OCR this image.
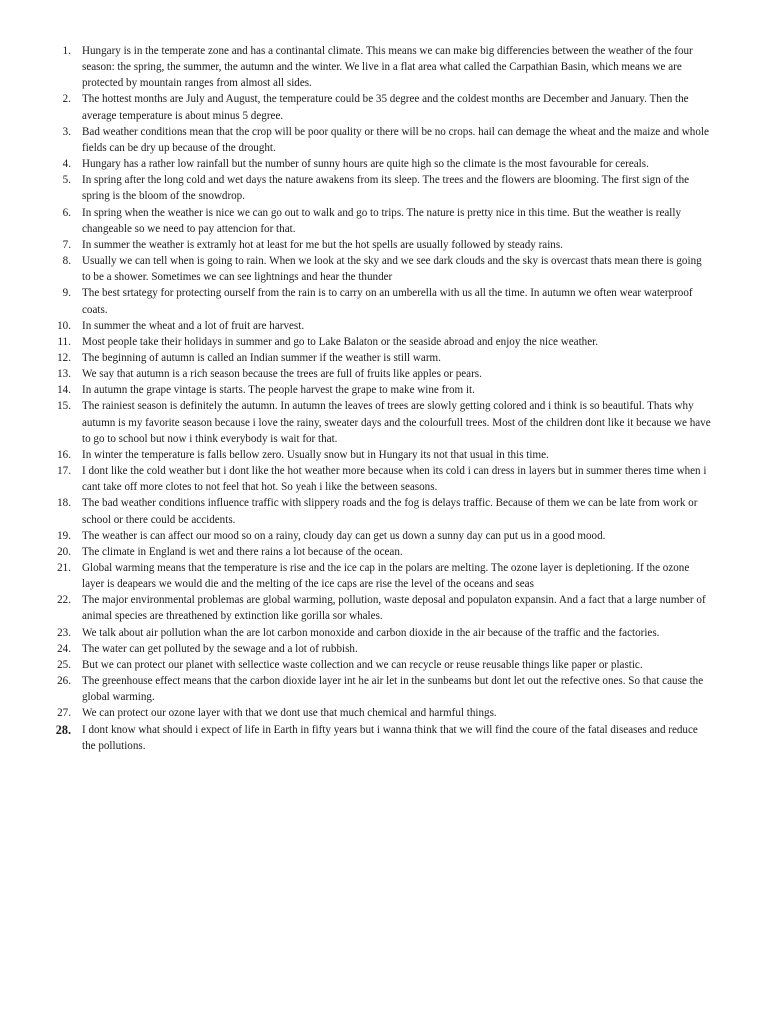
1. Hungary is in the temperate zone and has a continantal climate. This means we can make big differencies between the weather of the four season: the spring, the summer, the autumn and the winter. We live in a flat area what called the Carpathian Basin, which means we are protected by mountain ranges from almost all sides.
2. The hottest months are July and August, the temperature could be 35 degree and the coldest months are December and January. Then the average temperature is about minus 5 degree.
3. Bad weather conditions mean that the crop will be poor quality or there will be no crops. hail can demage the wheat and the maize and whole fields can be dry up because of the drought.
4. Hungary has a rather low rainfall but the number of sunny hours are quite high so the climate is the most favourable for cereals.
5. In spring after the long cold and wet days the nature awakens from its sleep. The trees and the flowers are blooming. The first sign of the spring is the bloom of the snowdrop.
6. In spring when the weather is nice we can go out to walk and go to trips. The nature is pretty nice in this time. But the weather is really changeable so we need to pay attencion for that.
7. In summer the weather is extramly hot at least for me but the hot spells are usually followed by steady rains.
8. Usually we can tell when is going to rain. When we look at the sky and we see dark clouds and the sky is overcast thats mean there is going to be a shower. Sometimes we can see lightnings and hear the thunder
9. The best srtategy for protecting ourself from the rain is to carry on an umberella with us all the time. In autumn we often wear waterproof coats.
10. In summer the wheat and a lot of fruit are harvest.
11. Most people take their holidays in summer and go to Lake Balaton or the seaside abroad and enjoy the nice weather.
12. The beginning of autumn is called an Indian summer if the weather is still warm.
13. We say that autumn is a rich season because the trees are full of fruits like apples or pears.
14. In autumn the grape vintage is starts. The people harvest the grape to make wine from it.
15. The rainiest season is definitely the autumn. In autumn the leaves of trees are slowly getting colored and i think is so beautiful. Thats why autumn is my favorite season because i love the rainy, sweater days and the colourfull trees. Most of the children dont like it because we have to go to school but now i think everybody is wait for that.
16. In winter the temperature is falls bellow zero. Usually snow but in Hungary its not that usual in this time.
17. I dont like the cold weather but i dont like the hot weather more because when its cold i can dress in layers but in summer theres time when i cant take off more clotes to not feel that hot. So yeah i like the between seasons.
18. The bad weather conditions influence traffic with slippery roads and the fog is delays traffic. Because of them we can be late from work or school or there could be accidents.
19. The weather is can affect our mood so on a rainy, cloudy day can get us down a sunny day can put us in a good mood.
20. The climate in England is wet and there rains a lot because of the ocean.
21. Global warming means that the temperature is rise and the ice cap in the polars are melting. The ozone layer is depletioning. If the ozone layer is deapears we would die and the melting of the ice caps are rise the level of the oceans and seas
22. The major environmental problemas are global warming, pollution, waste deposal and populaton expansin. And a fact that a large number of animal species are threathened by extinction like gorilla sor whales.
23. We talk about air pollution whan the are lot carbon monoxide and carbon dioxide in the air because of the traffic and the factories.
24. The water can get polluted by the sewage and a lot of rubbish.
25. But we can protect our planet with sellectice waste collection and we can recycle or reuse reusable things like paper or plastic.
26. The greenhouse effect means that the carbon dioxide layer int he air let in the sunbeams but dont let out the refective ones. So that cause the global warming.
27. We can protect our ozone layer with that we dont use that much chemical and harmful things.
28. I dont know what should i expect of life in Earth in fifty years but i wanna think that we will find the coure of the fatal diseases and reduce the pollutions.
